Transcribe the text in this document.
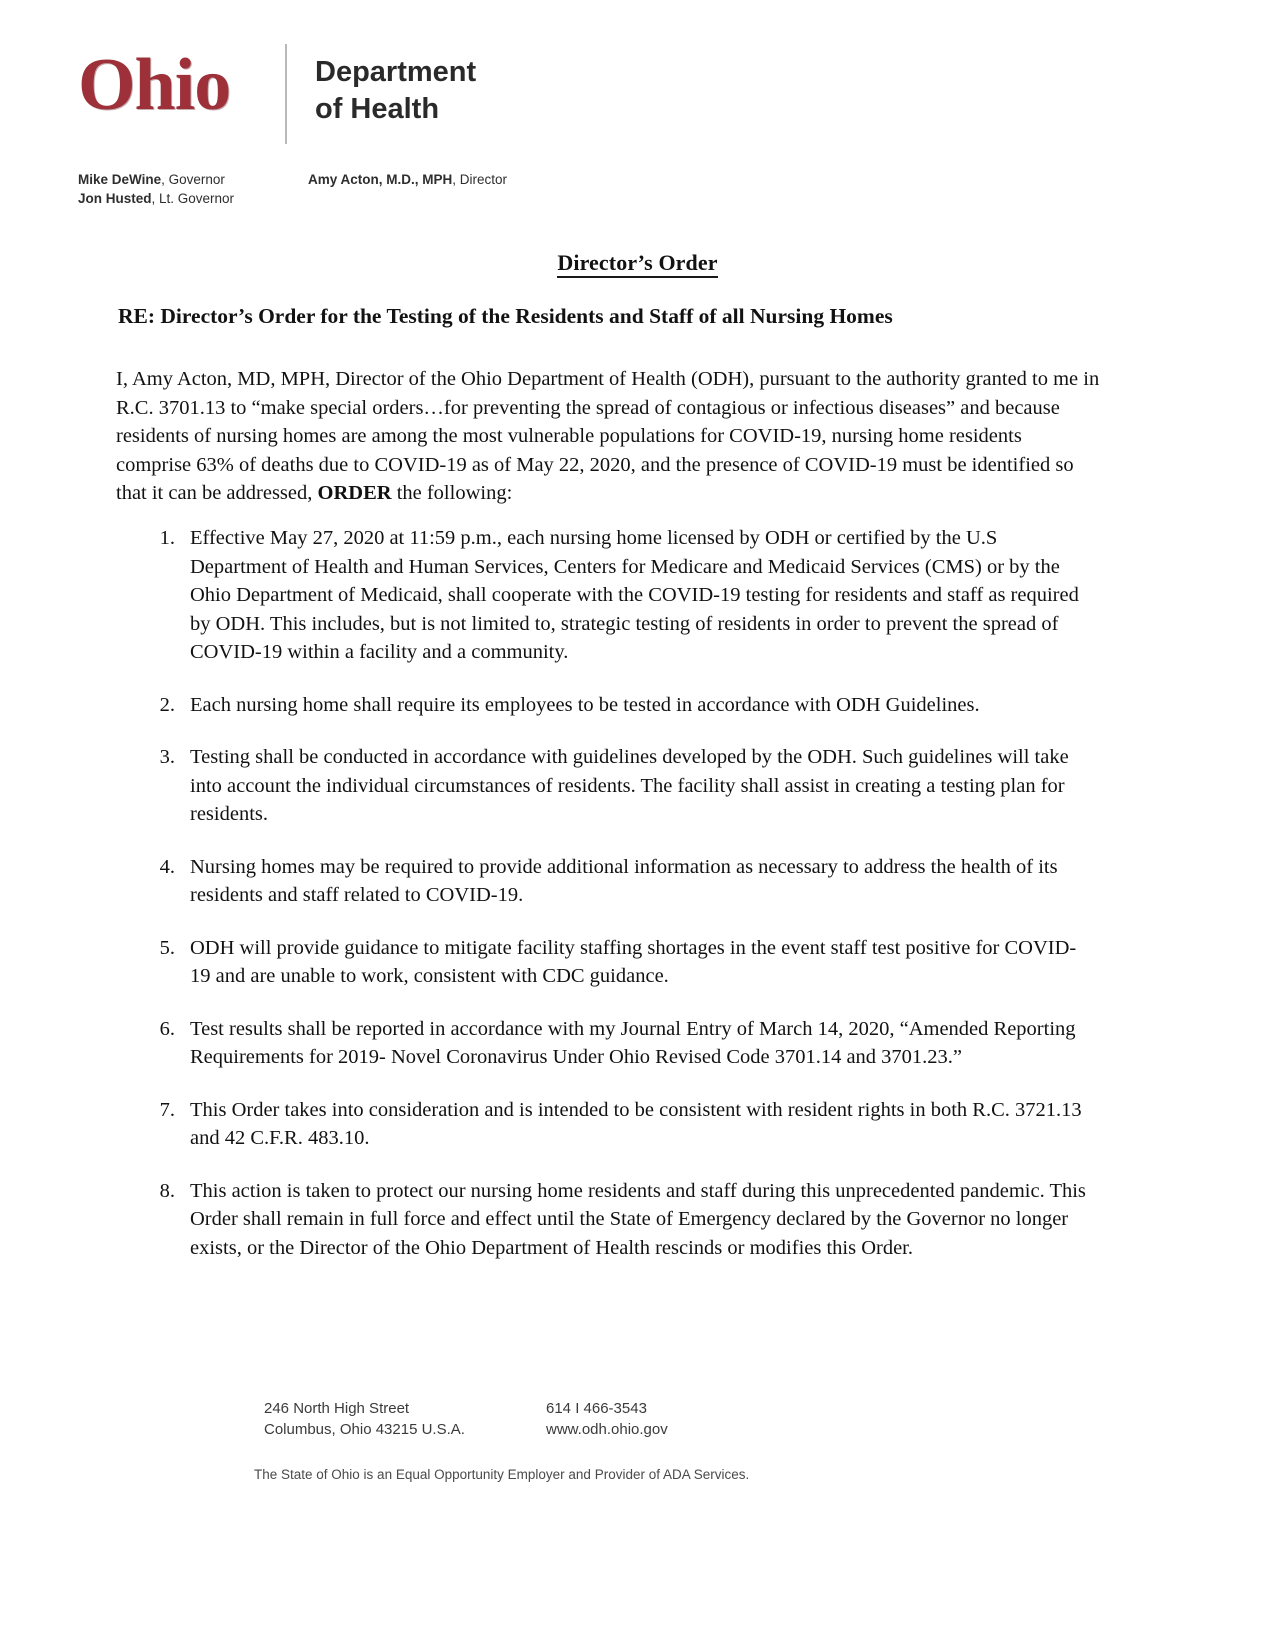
Ohio	Department
of Health
Mike DeWine, Governor
Jon Husted, Lt. Governor
Amy Acton, M.D., MPH, Director
Director’s Order
RE: Director’s Order for the Testing of the Residents and Staff of all Nursing Homes
I, Amy Acton, MD, MPH, Director of the Ohio Department of Health (ODH), pursuant to the authority granted to me in R.C. 3701.13 to “make special orders…for preventing the spread of contagious or infectious diseases” and because residents of nursing homes are among the most vulnerable populations for COVID-19, nursing home residents comprise 63% of deaths due to COVID-19 as of May 22, 2020, and the presence of COVID-19 must be identified so that it can be addressed, ORDER the following:
1. Effective May 27, 2020 at 11:59 p.m., each nursing home licensed by ODH or certified by the U.S Department of Health and Human Services, Centers for Medicare and Medicaid Services (CMS) or by the Ohio Department of Medicaid, shall cooperate with the COVID-19 testing for residents and staff as required by ODH. This includes, but is not limited to, strategic testing of residents in order to prevent the spread of COVID-19 within a facility and a community.
2. Each nursing home shall require its employees to be tested in accordance with ODH Guidelines.
3. Testing shall be conducted in accordance with guidelines developed by the ODH. Such guidelines will take into account the individual circumstances of residents. The facility shall assist in creating a testing plan for residents.
4. Nursing homes may be required to provide additional information as necessary to address the health of its residents and staff related to COVID-19.
5. ODH will provide guidance to mitigate facility staffing shortages in the event staff test positive for COVID-19 and are unable to work, consistent with CDC guidance.
6. Test results shall be reported in accordance with my Journal Entry of March 14, 2020, “Amended Reporting Requirements for 2019- Novel Coronavirus Under Ohio Revised Code 3701.14 and 3701.23.”
7. This Order takes into consideration and is intended to be consistent with resident rights in both R.C. 3721.13 and 42 C.F.R. 483.10.
8. This action is taken to protect our nursing home residents and staff during this unprecedented pandemic. This Order shall remain in full force and effect until the State of Emergency declared by the Governor no longer exists, or the Director of the Ohio Department of Health rescinds or modifies this Order.
246 North High Street
Columbus, Ohio 43215 U.S.A.
614 I 466-3543
www.odh.ohio.gov
The State of Ohio is an Equal Opportunity Employer and Provider of ADA Services.
